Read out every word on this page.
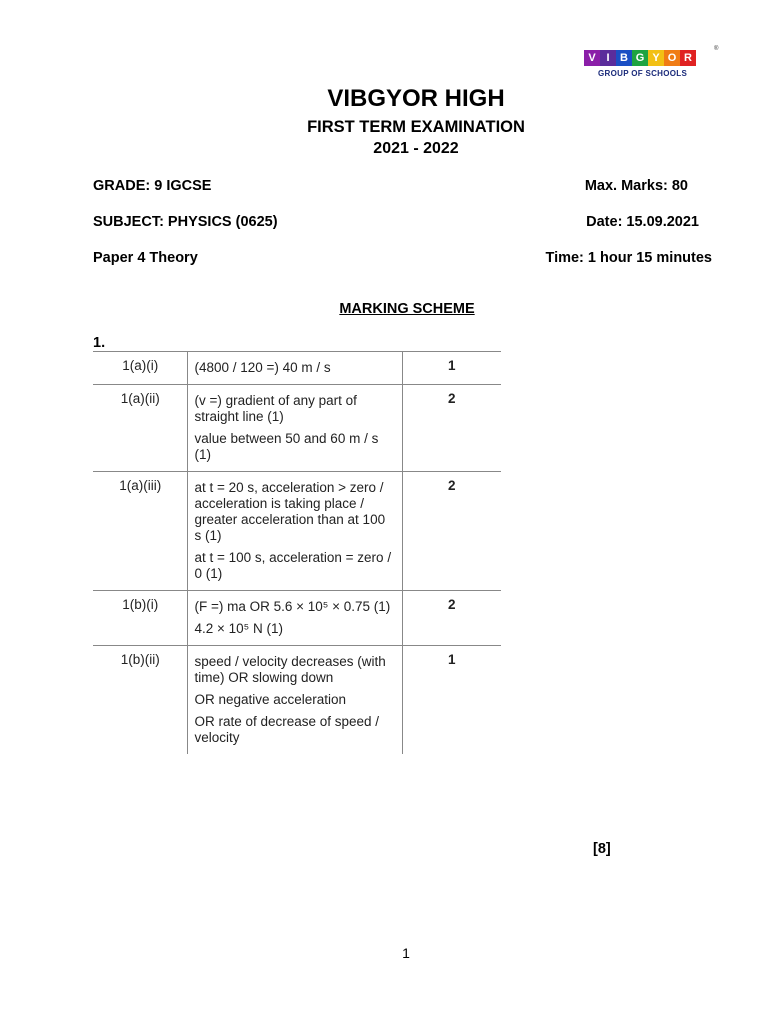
V I B G Y O R
®
GROUP OF SCHOOLS
VIBGYOR HIGH
FIRST TERM EXAMINATION
2021 - 2022
GRADE: 9 IGCSE	Max. Marks: 80
SUBJECT: PHYSICS (0625)	Date: 15.09.2021
Paper 4 Theory	Time: 1 hour 15 minutes
MARKING SCHEME
1.
1(a)(i)	(4800 / 120 =) 40 m / s	1
1(a)(ii)	(v =) gradient of any part of straight line (1)

value between 50 and 60 m / s (1)	2
1(a)(iii)	at t = 20 s, acceleration > zero / acceleration is taking place / greater acceleration than at 100 s (1)

at t = 100 s, acceleration = zero / 0 (1)	2
1(b)(i)	(F =) ma OR 5.6 × 10⁵ × 0.75 (1)

4.2 × 10⁵ N (1)	2
1(b)(ii)	speed / velocity decreases (with time) OR slowing down

OR negative acceleration

OR rate of decrease of speed / velocity	1
[8]
1
